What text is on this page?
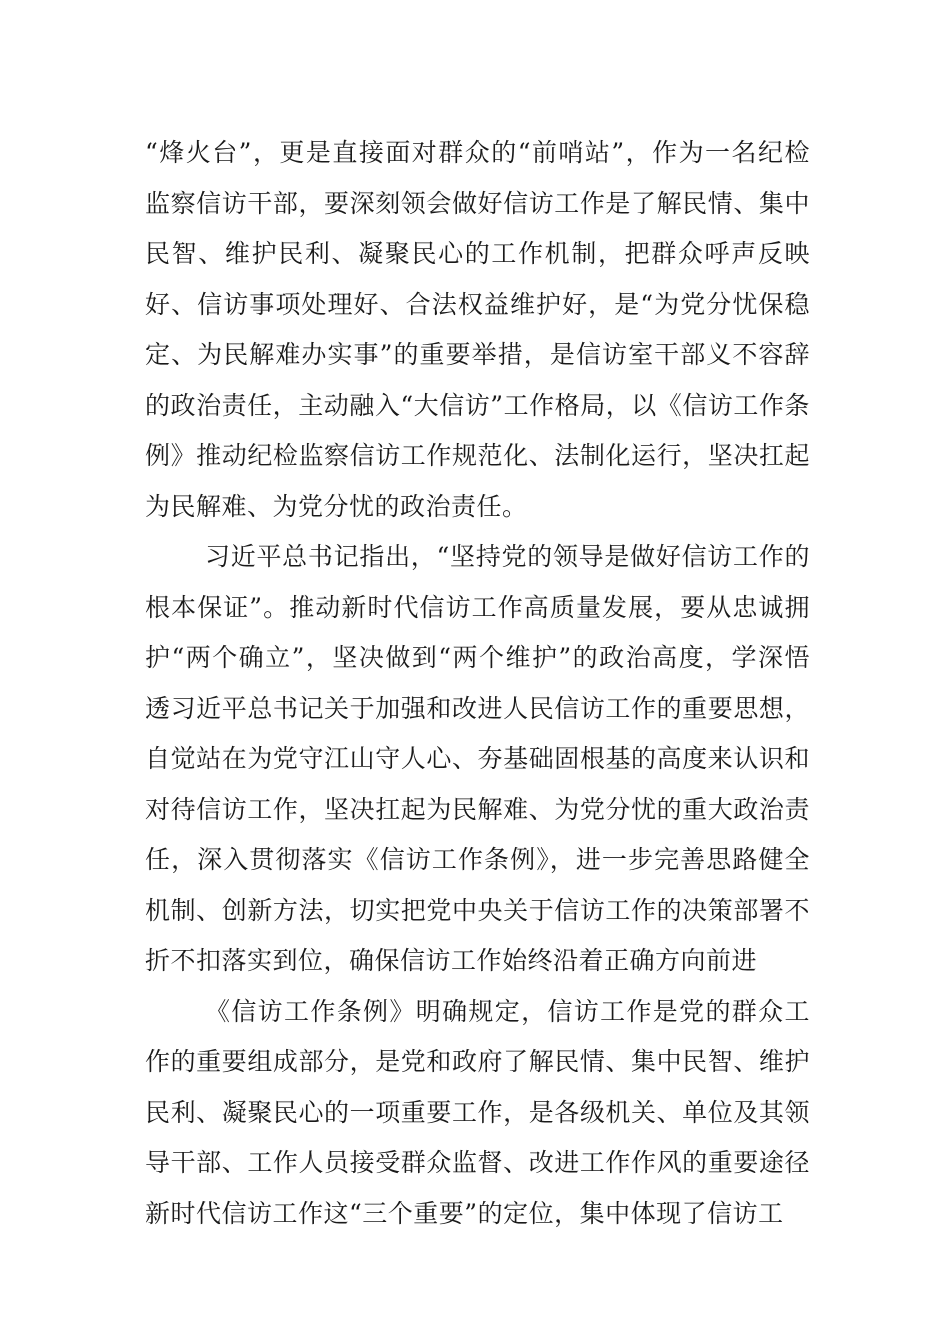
“烽火台”，更是直接面对群众的“前哨站”，作为一名纪检监察信访干部，要深刻领会做好信访工作是了解民情、集中民智、维护民利、凝聚民心的工作机制，把群众呼声反映好、信访事项处理好、合法权益维护好，是“为党分忧保稳定、为民解难办实事”的重要举措，是信访室干部义不容辞的政治责任，主动融入“大信访”工作格局，以《信访工作条例》推动纪检监察信访工作规范化、法制化运行，坚决扛起为民解难、为党分忧的政治责任。

习近平总书记指出，“坚持党的领导是做好信访工作的根本保证”。推动新时代信访工作高质量发展，要从忠诚拥护“两个确立”，坚决做到“两个维护”的政治高度，学深悟透习近平总书记关于加强和改进人民信访工作的重要思想，自觉站在为党守江山守人心、夯基础固根基的高度来认识和对待信访工作，坚决扛起为民解难、为党分忧的重大政治责任，深入贯彻落实《信访工作条例》，进一步完善思路健全机制、创新方法，切实把党中央关于信访工作的决策部署不折不扣落实到位，确保信访工作始终沿着正确方向前进

《信访工作条例》明确规定，信访工作是党的群众工作的重要组成部分，是党和政府了解民情、集中民智、维护民利、凝聚民心的一项重要工作，是各级机关、单位及其领导干部、工作人员接受群众监督、改进工作作风的重要途径新时代信访工作这“三个重要”的定位，集中体现了信访工
